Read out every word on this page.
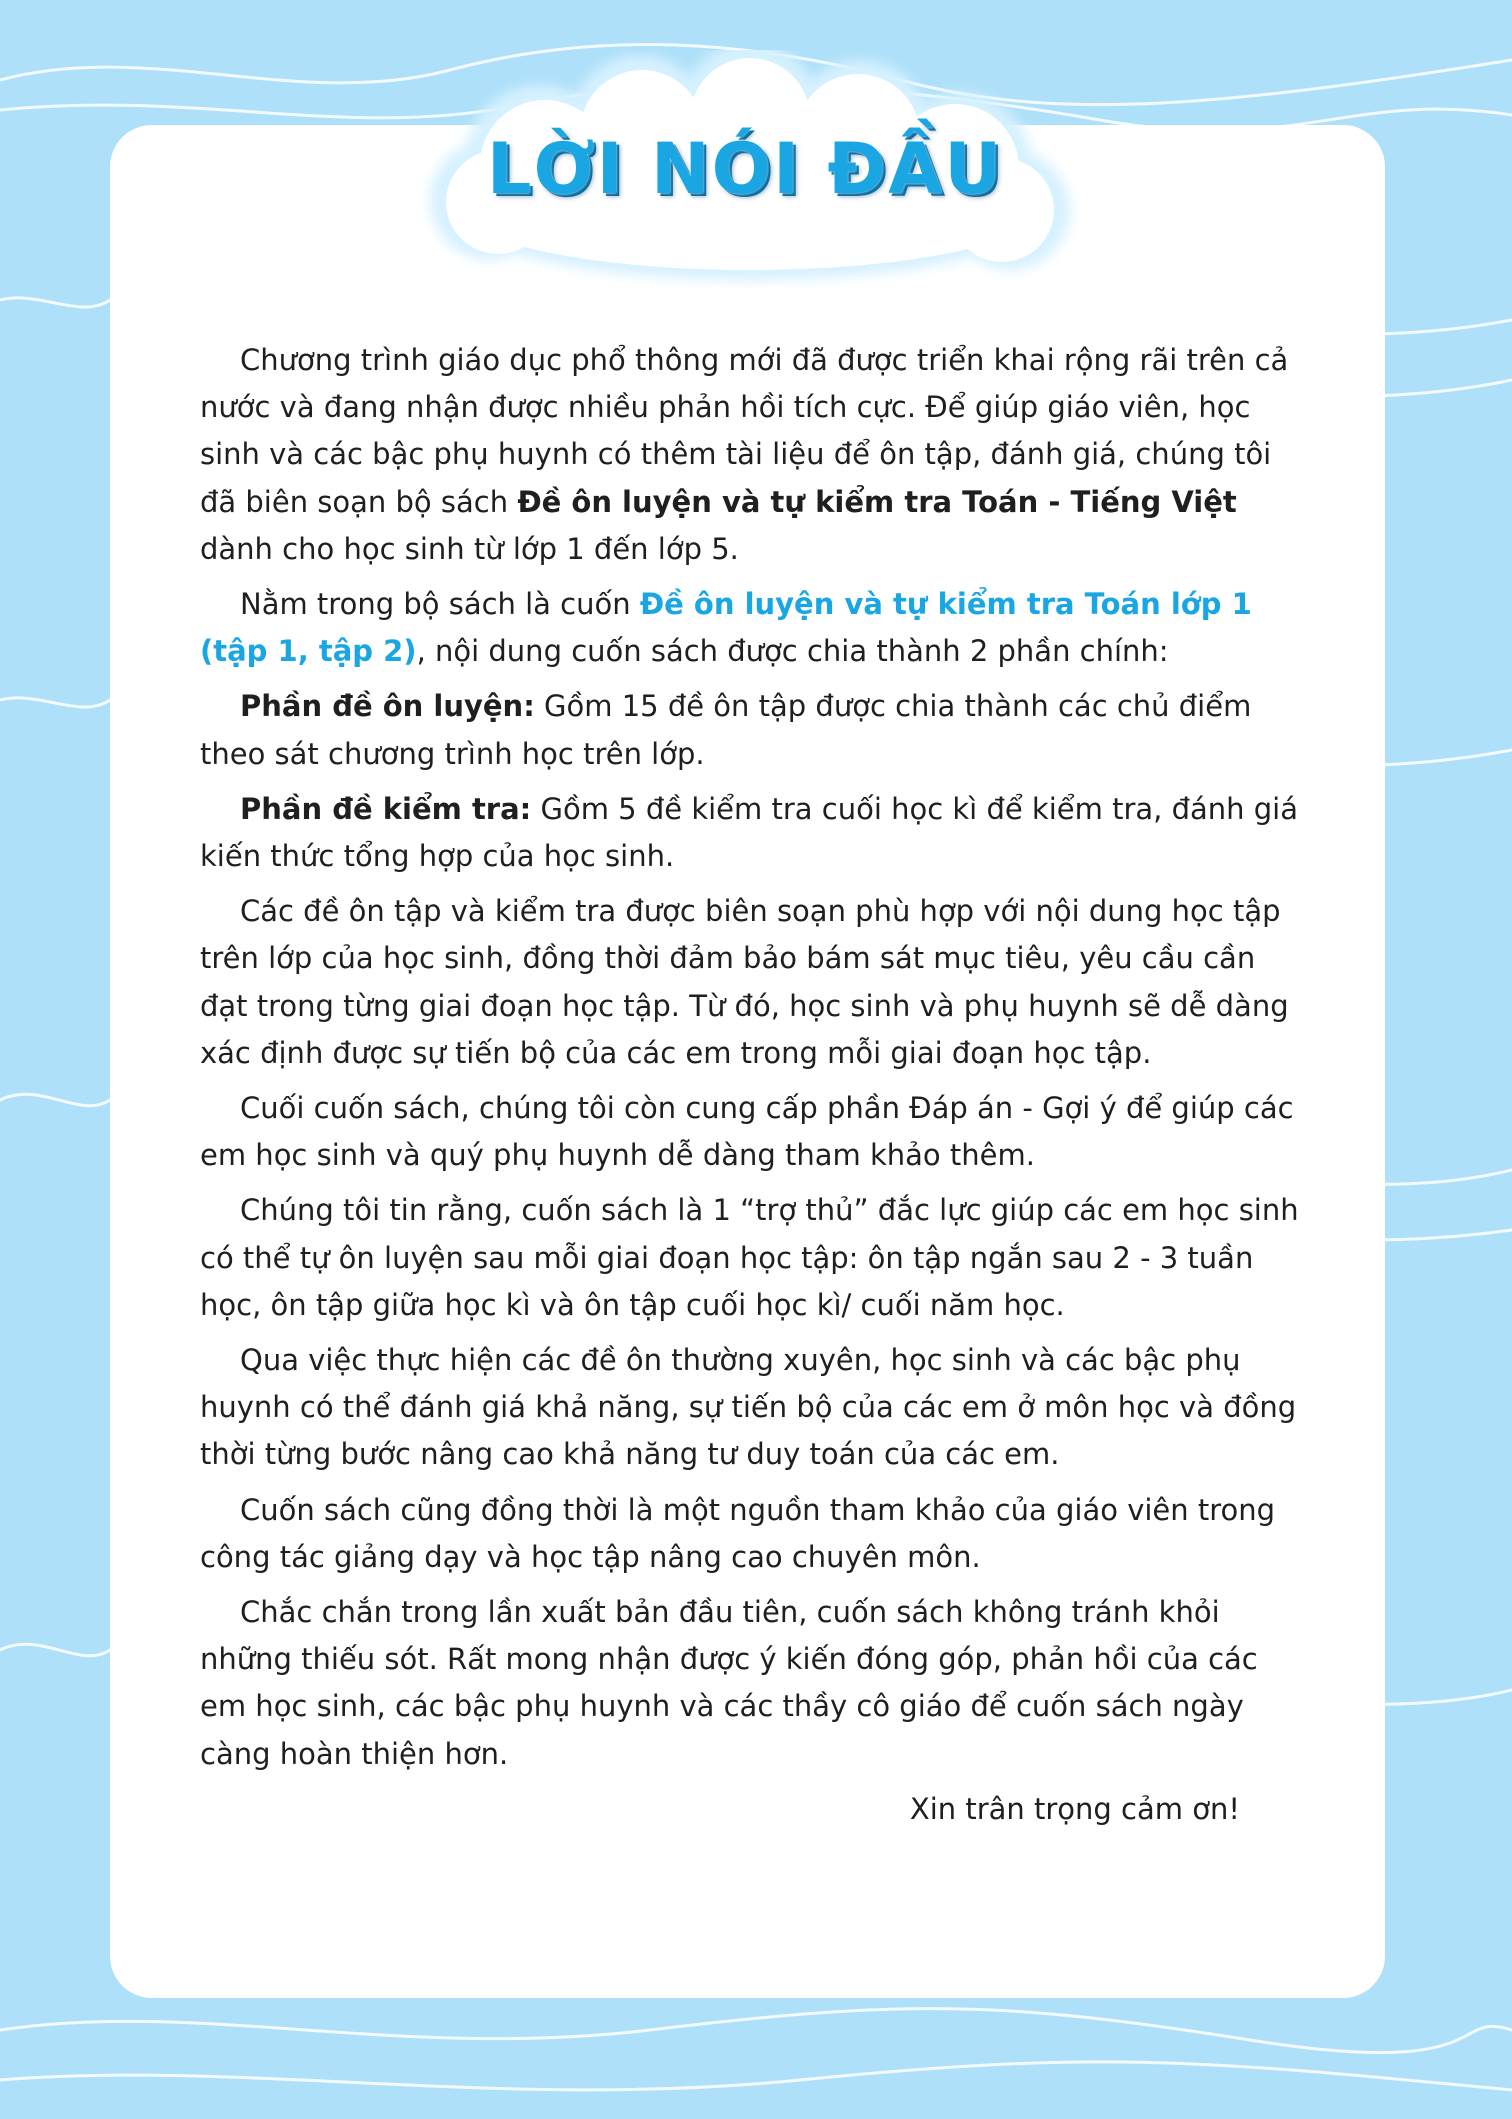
LỜI NÓI ĐẦU

Chương trình giáo dục phổ thông mới đã được triển khai rộng rãi trên cả nước và đang nhận được nhiều phản hồi tích cực. Để giúp giáo viên, học sinh và các bậc phụ huynh có thêm tài liệu để ôn tập, đánh giá, chúng tôi đã biên soạn bộ sách Đề ôn luyện và tự kiểm tra Toán - Tiếng Việt dành cho học sinh từ lớp 1 đến lớp 5.

Nằm trong bộ sách là cuốn Đề ôn luyện và tự kiểm tra Toán lớp 1 (tập 1, tập 2), nội dung cuốn sách được chia thành 2 phần chính:

Phần đề ôn luyện: Gồm 15 đề ôn tập được chia thành các chủ điểm theo sát chương trình học trên lớp.

Phần đề kiểm tra: Gồm 5 đề kiểm tra cuối học kì để kiểm tra, đánh giá kiến thức tổng hợp của học sinh.

Các đề ôn tập và kiểm tra được biên soạn phù hợp với nội dung học tập trên lớp của học sinh, đồng thời đảm bảo bám sát mục tiêu, yêu cầu cần đạt trong từng giai đoạn học tập. Từ đó, học sinh và phụ huynh sẽ dễ dàng xác định được sự tiến bộ của các em trong mỗi giai đoạn học tập.

Cuối cuốn sách, chúng tôi còn cung cấp phần Đáp án - Gợi ý để giúp các em học sinh và quý phụ huynh dễ dàng tham khảo thêm.

Chúng tôi tin rằng, cuốn sách là 1 “trợ thủ” đắc lực giúp các em học sinh có thể tự ôn luyện sau mỗi giai đoạn học tập: ôn tập ngắn sau 2 - 3 tuần học, ôn tập giữa học kì và ôn tập cuối học kì/ cuối năm học.

Qua việc thực hiện các đề ôn thường xuyên, học sinh và các bậc phụ huynh có thể đánh giá khả năng, sự tiến bộ của các em ở môn học và đồng thời từng bước nâng cao khả năng tư duy toán của các em.

Cuốn sách cũng đồng thời là một nguồn tham khảo của giáo viên trong công tác giảng dạy và học tập nâng cao chuyên môn.

Chắc chắn trong lần xuất bản đầu tiên, cuốn sách không tránh khỏi những thiếu sót. Rất mong nhận được ý kiến đóng góp, phản hồi của các em học sinh, các bậc phụ huynh và các thầy cô giáo để cuốn sách ngày càng hoàn thiện hơn.

Xin trân trọng cảm ơn!
